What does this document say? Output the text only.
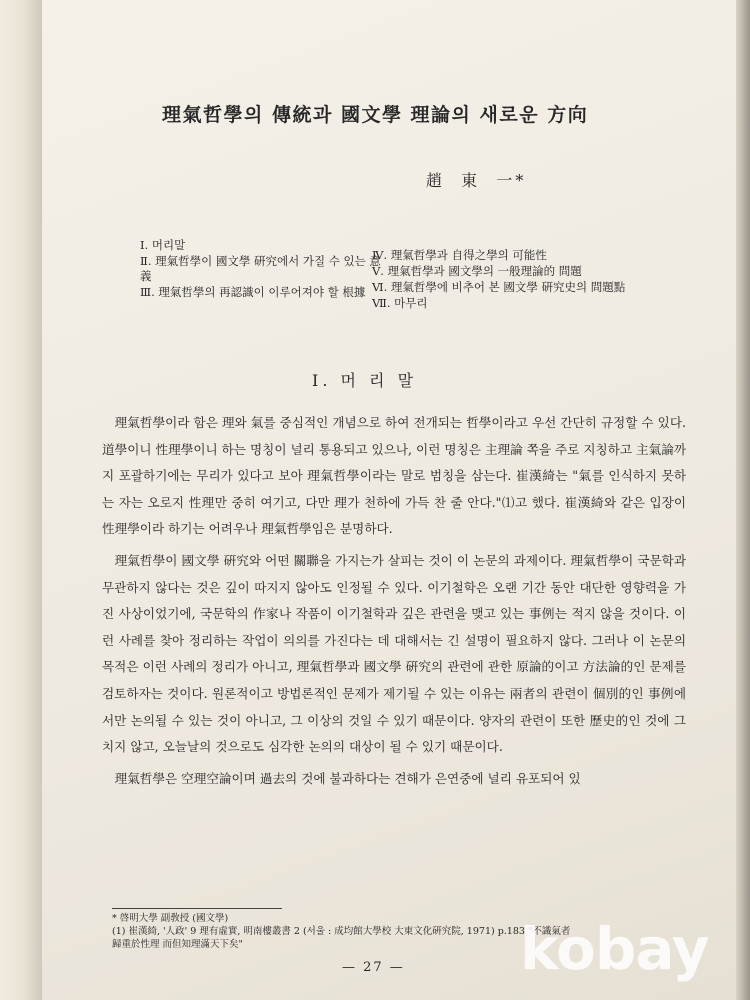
理氣哲學의 傳統과 國文學 理論의 새로운 方向
趙  東  一*
Ⅰ. 머리말
Ⅱ. 理氣哲學이 國文學 硏究에서 가질 수 있는 意義
Ⅲ. 理氣哲學의 再認識이 이루어져야 할 根據
Ⅳ. 理氣哲學과 自得之學의 可能性
Ⅴ. 理氣哲學과 國文學의 一般理論的 問題
Ⅵ. 理氣哲學에 비추어 본 國文學 硏究史의 問題點
Ⅶ. 마무리
Ⅰ. 머 리 말

理氣哲學이라 함은 理와 氣를 중심적인 개념으로 하여 전개되는 哲學이라고 우선 간단히 규정할 수 있다. 道學이니 性理學이니 하는 명칭이 널리 통용되고 있으나, 이런 명칭은 主理論 쪽을 주로 지칭하고 主氣論까지 포괄하기에는 무리가 있다고 보아 理氣哲學이라는 말로 범칭을 삼는다. 崔漢綺는 "氣를 인식하지 못하는 자는 오로지 性理만 중히 여기고, 다만 理가 천하에 가득 찬 줄 안다."⑴고 했다. 崔漢綺와 같은 입장이 性理學이라 하기는 어려우나 理氣哲學임은 분명하다.

理氣哲學이 國文學 硏究와 어떤 關聯을 가지는가 살피는 것이 이 논문의 과제이다. 理氣哲學이 국문학과 무관하지 않다는 것은 깊이 따지지 않아도 인정될 수 있다. 이기철학은 오랜 기간 동안 대단한 영향력을 가진 사상이었기에, 국문학의 作家나 작품이 이기철학과 깊은 관련을 맺고 있는 事例는 적지 않을 것이다. 이런 사례를 찾아 정리하는 작업이 의의를 가진다는 데 대해서는 긴 설명이 필요하지 않다. 그러나 이 논문의 목적은 이런 사례의 정리가 아니고, 理氣哲學과 國文學 硏究의 관련에 관한 原論的이고 方法論的인 문제를 검토하자는 것이다. 원론적이고 방법론적인 문제가 제기될 수 있는 이유는 兩者의 관련이 個別的인 事例에서만 논의될 수 있는 것이 아니고, 그 이상의 것일 수 있기 때문이다. 양자의 관련이 또한 歷史的인 것에 그치지 않고, 오늘날의 것으로도 심각한 논의의 대상이 될 수 있기 때문이다.

理氣哲學은 空理空論이며 過去의 것에 불과하다는 견해가 은연중에 널리 유포되어 있

* 啓明大學 副敎授 (國文學)
(1) 崔漢綺, '人政' 9 理有虛實, 明南樓叢書 2 (서울 : 成均館大學校 大東文化硏究院, 1971) p.183 "不識氣者
歸重於性理 而但知理滿天下矣"
— 27 — kobay
